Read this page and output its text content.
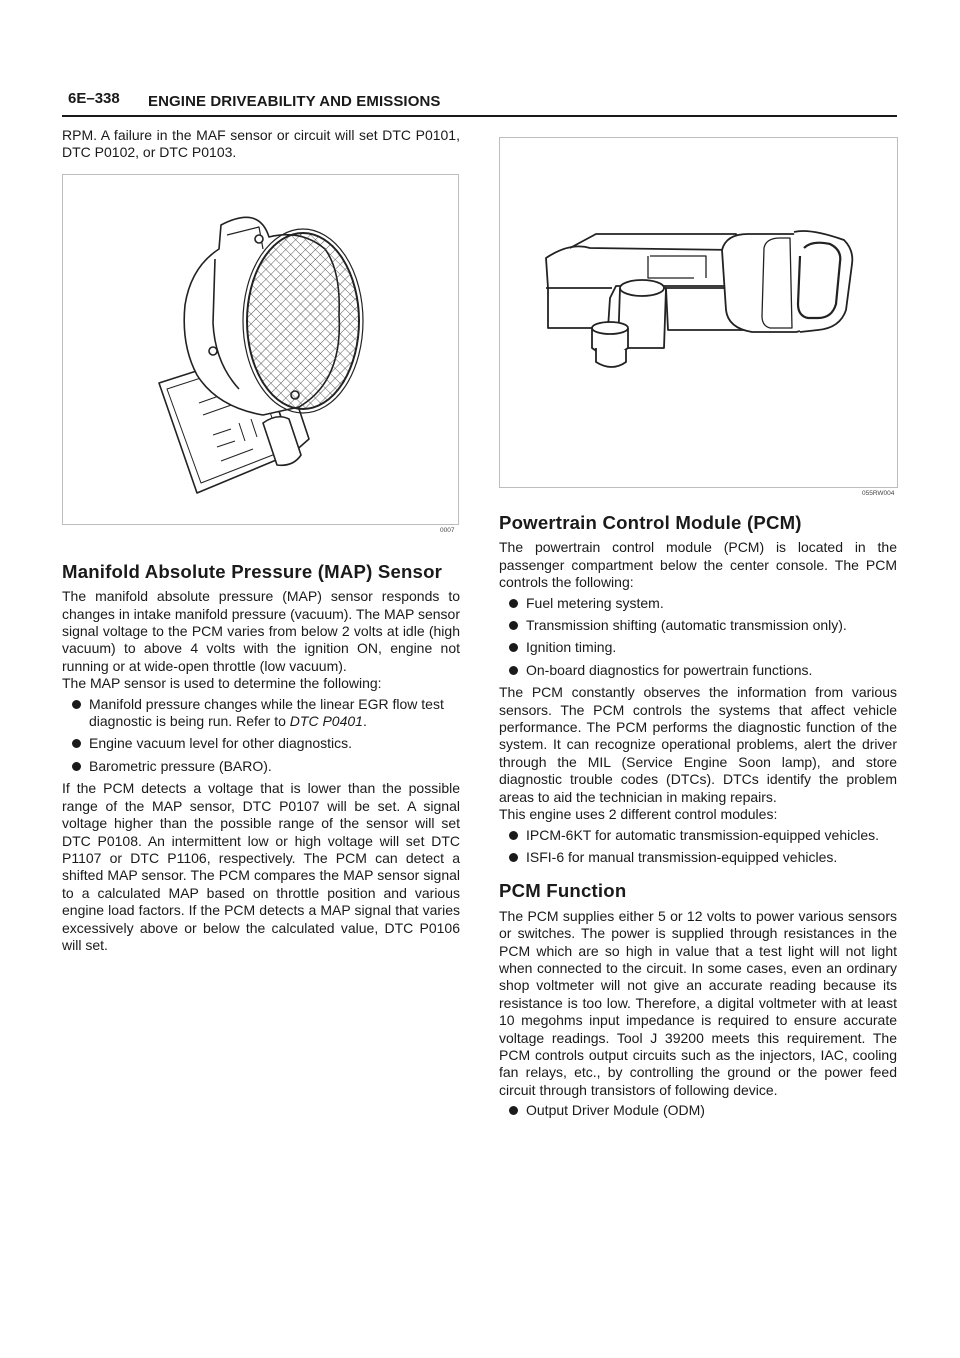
6E–338 ENGINE DRIVEABILITY AND EMISSIONS
0007
055RW004

RPM. A failure in the MAF sensor or circuit will set DTC P0101, DTC P0102, or DTC P0103.

Manifold Absolute Pressure (MAP) Sensor

The manifold absolute pressure (MAP) sensor responds to changes in intake manifold pressure (vacuum). The MAP sensor signal voltage to the PCM varies from below 2 volts at idle (high vacuum) to above 4 volts with the ignition ON, engine not running or at wide-open throttle (low vacuum).

The MAP sensor is used to determine the following:

Manifold pressure changes while the linear EGR flow test diagnostic is being run. Refer to DTC P0401.
Engine vacuum level for other diagnostics.
Barometric pressure (BARO).

If the PCM detects a voltage that is lower than the possible range of the MAP sensor, DTC P0107 will be set. A signal voltage higher than the possible range of the sensor will set DTC P0108. An intermittent low or high voltage will set DTC P1107 or DTC P1106, respectively. The PCM can detect a shifted MAP sensor. The PCM compares the MAP sensor signal to a calculated MAP based on throttle position and various engine load factors. If the PCM detects a MAP signal that varies excessively above or below the calculated value, DTC P0106 will set.

Powertrain Control Module (PCM)

The powertrain control module (PCM) is located in the passenger compartment below the center console. The PCM controls the following:

Fuel metering system.
Transmission shifting (automatic transmission only).
Ignition timing.
On-board diagnostics for powertrain functions.

The PCM constantly observes the information from various sensors. The PCM controls the systems that affect vehicle performance. The PCM performs the diagnostic function of the system. It can recognize operational problems, alert the driver through the MIL (Service Engine Soon lamp), and store diagnostic trouble codes (DTCs). DTCs identify the problem areas to aid the technician in making repairs.

This engine uses 2 different control modules:

IPCM-6KT for automatic transmission-equipped vehicles.
ISFI-6 for manual transmission-equipped vehicles.
PCM Function

The PCM supplies either 5 or 12 volts to power various sensors or switches. The power is supplied through resistances in the PCM which are so high in value that a test light will not light when connected to the circuit. In some cases, even an ordinary shop voltmeter will not give an accurate reading because its resistance is too low. Therefore, a digital voltmeter with at least 10 megohms input impedance is required to ensure accurate voltage readings. Tool J 39200 meets this requirement. The PCM controls output circuits such as the injectors, IAC, cooling fan relays, etc., by controlling the ground or the power feed circuit through transistors of following device.

Output Driver Module (ODM)
